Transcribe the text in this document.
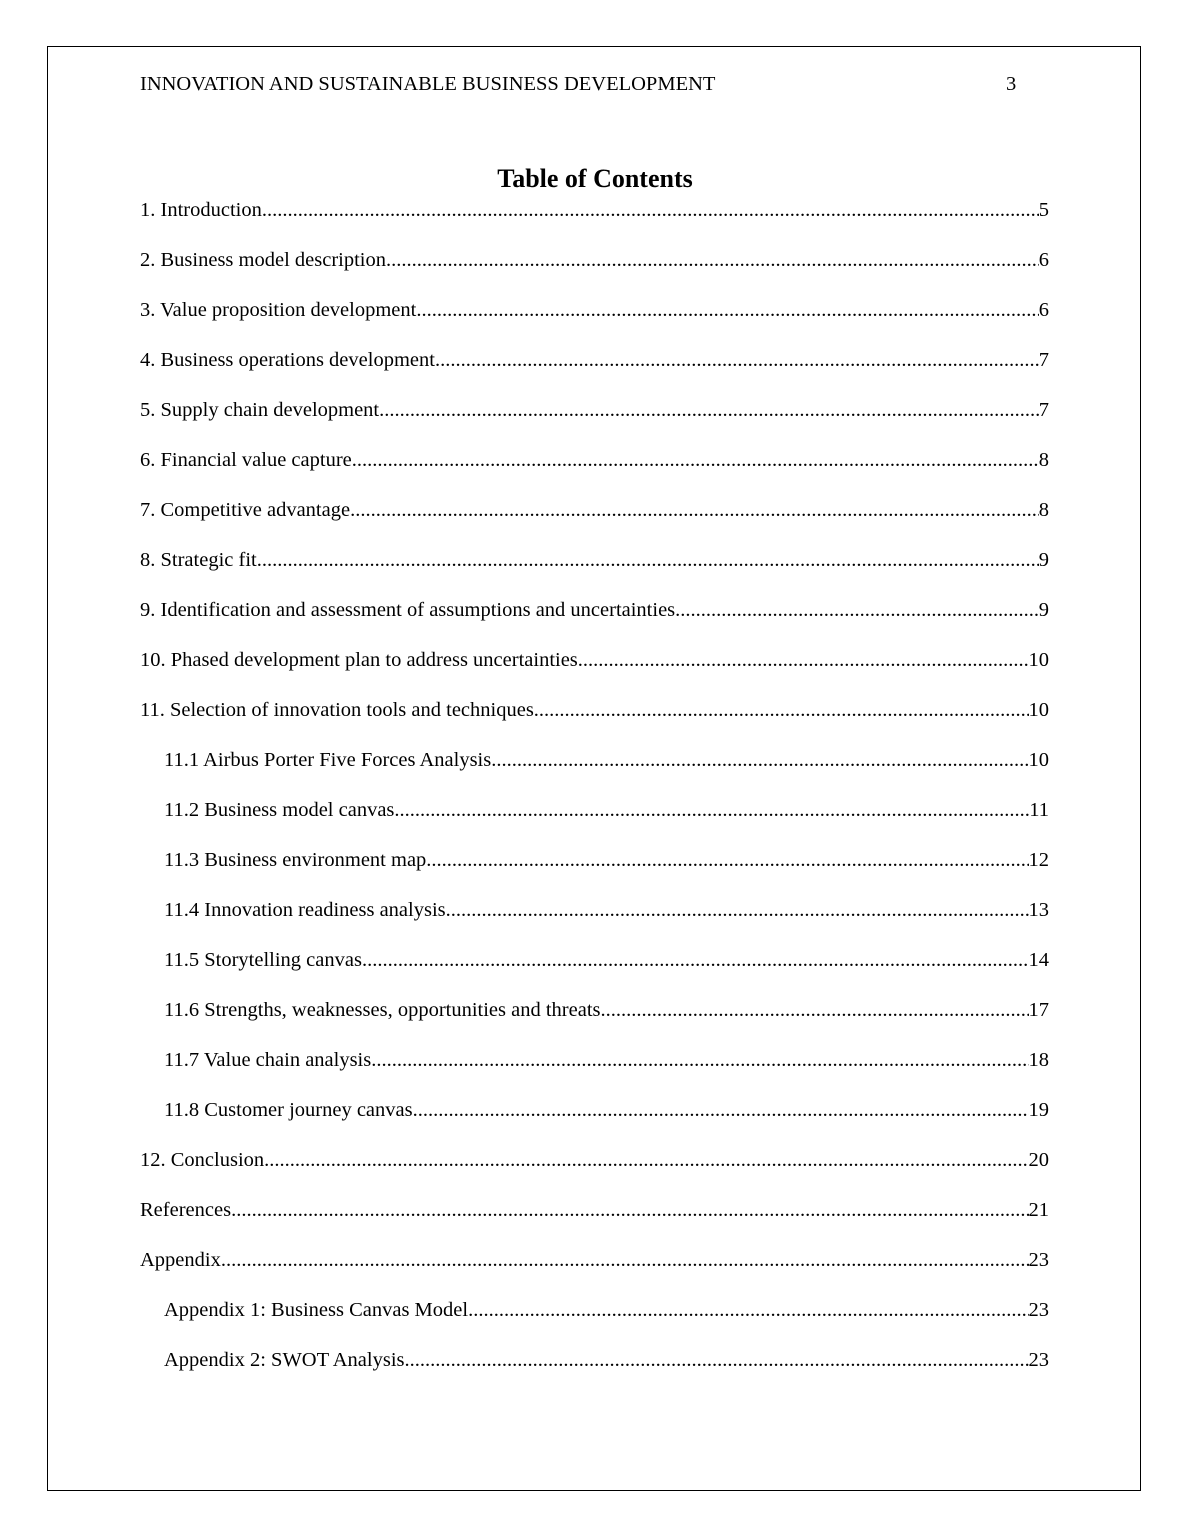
INNOVATION AND SUSTAINABLE BUSINESS DEVELOPMENT	3
Table of Contents
1. Introduction .....	5
2. Business model description .....	6
3. Value proposition development .....	6
4. Business operations development .....	7
5. Supply chain development .....	7
6. Financial value capture .....	8
7. Competitive advantage .....	8
8. Strategic fit .....	9
9. Identification and assessment of assumptions and uncertainties .....	9
10. Phased development plan to address uncertainties .....	10
11. Selection of innovation tools and techniques .....	10
11.1 Airbus Porter Five Forces Analysis .....	10
11.2 Business model canvas .....	11
11.3 Business environment map .....	12
11.4 Innovation readiness analysis .....	13
11.5 Storytelling canvas .....	14
11.6 Strengths, weaknesses, opportunities and threats .....	17
11.7 Value chain analysis .....	18
11.8 Customer journey canvas .....	19
12. Conclusion .....	20
References .....	21
Appendix .....	23
Appendix 1: Business Canvas Model .....	23
Appendix 2: SWOT Analysis .....	23
